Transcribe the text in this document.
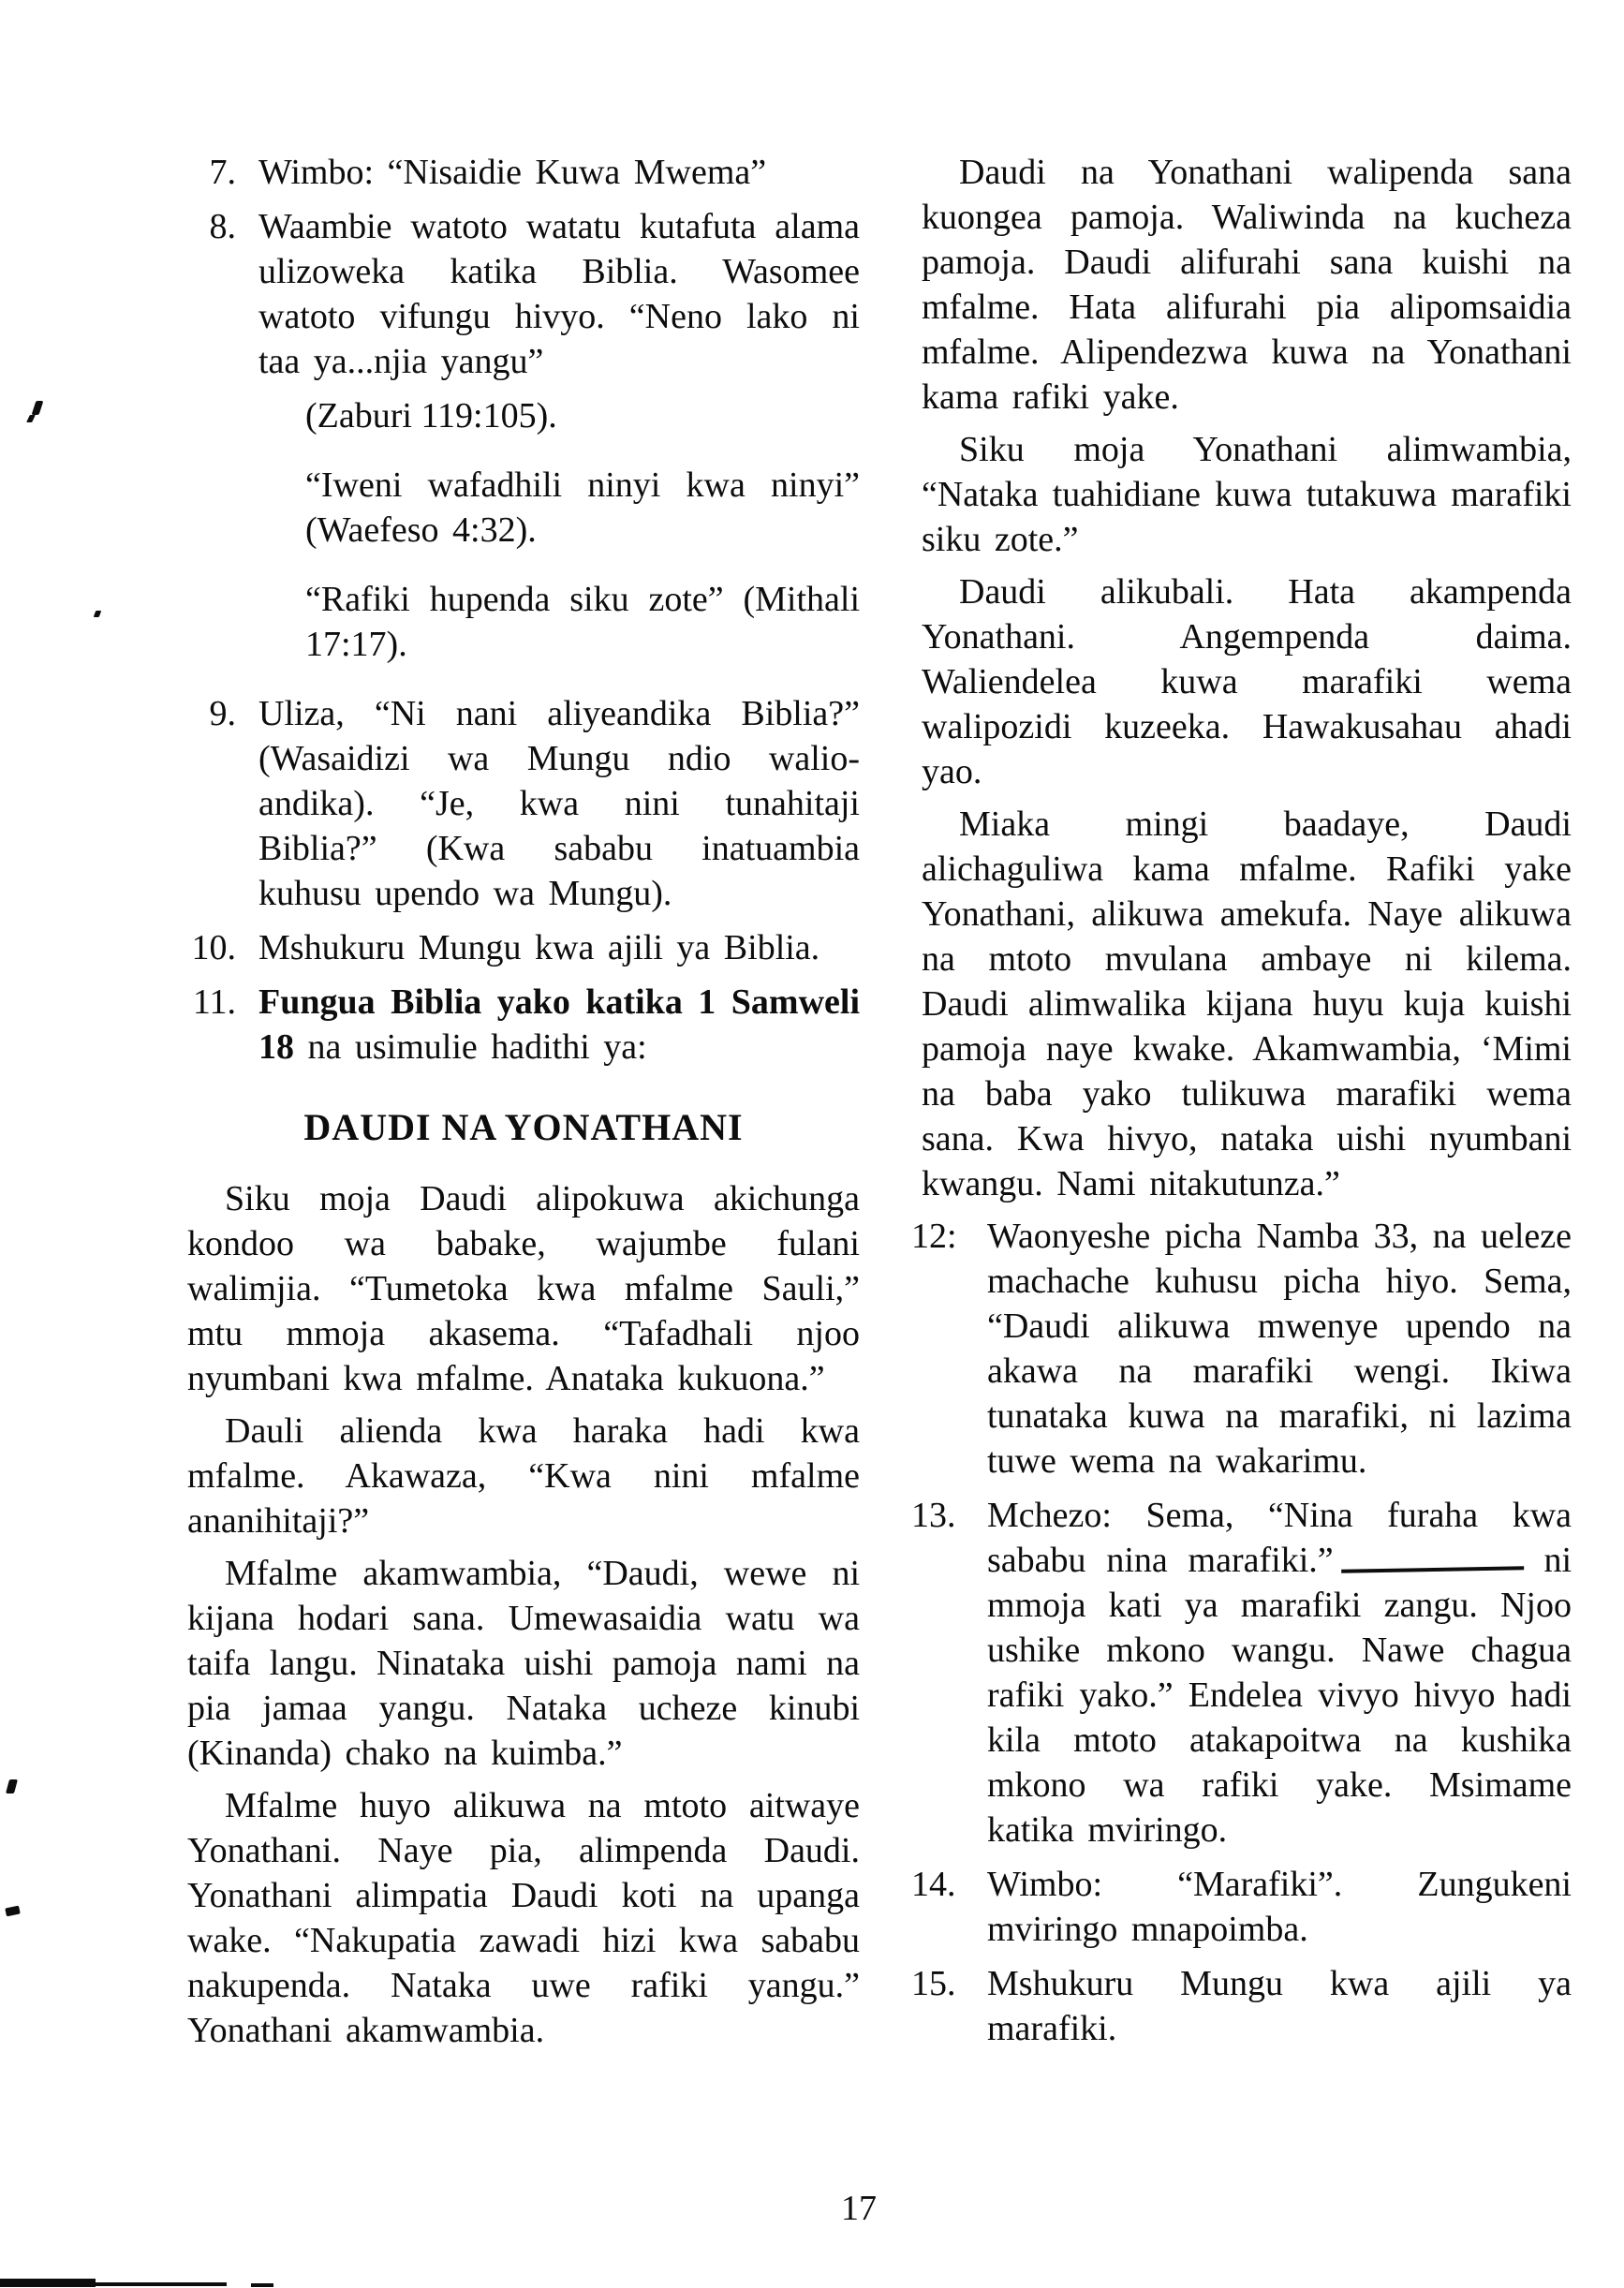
7. Wimbo: “Nisaidie Kuwa Mwema”
8. Waambie watoto watatu kutafuta alama ulizoweka katika Biblia. Wasomee watoto vifungu hivyo. “Neno lako ni taa ya...njia yangu”
(Zaburi 119:105).
“Iweni wafadhili ninyi kwa ninyi” (Waefeso 4:32).
“Rafiki hupenda siku zote” (Mithali 17:17).
9. Uliza, “Ni nani aliyeandika Biblia?” (Wasaidizi wa Mungu ndio walio-andika). “Je, kwa nini tunahitaji Biblia?” (Kwa sababu inatuambia kuhusu upendo wa Mungu).
10. Mshukuru Mungu kwa ajili ya Biblia.
11. Fungua Biblia yako katika 1 Samweli 18 na usimulie hadithi ya:
DAUDI NA YONATHANI
Siku moja Daudi alipokuwa akichunga kondoo wa babake, wajumbe fulani walimjia. “Tumetoka kwa mfalme Sauli,” mtu mmoja akasema. “Tafadhali njoo nyumbani kwa mfalme. Anataka kukuona.”
Dauli alienda kwa haraka hadi kwa mfalme. Akawaza, “Kwa nini mfalme ananihitaji?”
Mfalme akamwambia, “Daudi, wewe ni kijana hodari sana. Umewasaidia watu wa taifa langu. Ninataka uishi pamoja nami na pia jamaa yangu. Nataka ucheze kinubi (Kinanda) chako na kuimba.”
Mfalme huyo alikuwa na mtoto aitwaye Yonathani. Naye pia, alimpenda Daudi. Yonathani alimpatia Daudi koti na upanga wake. “Nakupatia zawadi hizi kwa sababu nakupenda. Nataka uwe rafiki yangu.” Yonathani akamwambia.
Daudi na Yonathani walipenda sana kuongea pamoja. Waliwinda na kucheza pamoja. Daudi alifurahi sana kuishi na mfalme. Hata alifurahi pia alipomsaidia mfalme. Alipendezwa kuwa na Yonathani kama rafiki yake.
Siku moja Yonathani alimwambia, “Nataka tuahidiane kuwa tutakuwa marafiki siku zote.”
Daudi alikubali. Hata akampenda Yonathani. Angempenda daima. Waliendelea kuwa marafiki wema walipozidi kuzeeka. Hawakusahau ahadi yao.
Miaka mingi baadaye, Daudi alichaguliwa kama mfalme. Rafiki yake Yonathani, alikuwa amekufa. Naye alikuwa na mtoto mvulana ambaye ni kilema. Daudi alimwalika kijana huyu kuja kuishi pamoja naye kwake. Akamwambia, ‘Mimi na baba yako tulikuwa marafiki wema sana. Kwa hivyo, nataka uishi nyumbani kwangu. Nami nitakutunza.”
12: Waonyeshe picha Namba 33, na ueleze machache kuhusu picha hiyo. Sema, “Daudi alikuwa mwenye upendo na akawa na marafiki wengi. Ikiwa tunataka kuwa na marafiki, ni lazima tuwe wema na wakarimu.
13. Mchezo: Sema, “Nina furaha kwa sababu nina marafiki.”	ni mmoja kati ya marafiki zangu. Njoo ushike mkono wangu. Nawe chagua rafiki yako.” Endelea vivyo hivyo hadi kila mtoto atakapoitwa na kushika mkono wa rafiki yake. Msimame katika mviringo.
14. Wimbo: “Marafiki”. Zungukeni mviringo mnapoimba.
15. Mshukuru Mungu kwa ajili ya marafiki.
17
